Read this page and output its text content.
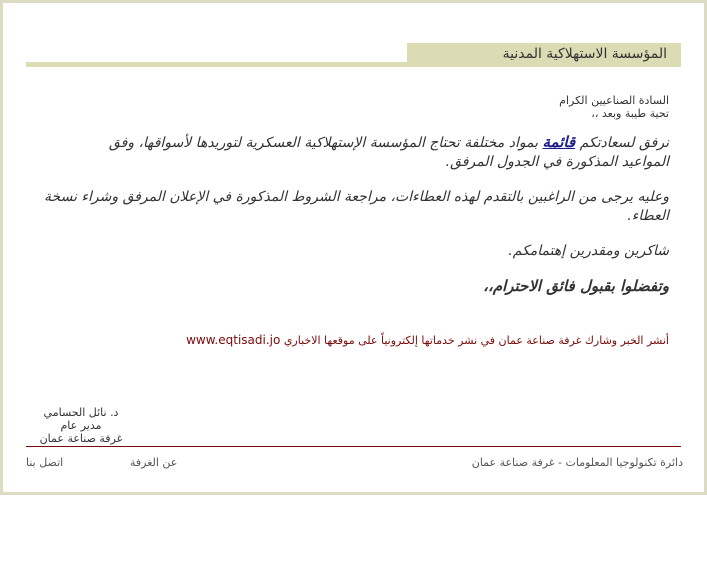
المؤسسة الاستهلاكية المدنية
السادة الصناعيين الكرام
تحية طيبة وبعد ،،
نرفق لسعادتكم قائمة بمواد مختلفة تحتاج المؤسسة الإستهلاكية العسكرية لتوريدها لأسواقها، وفق
المواعيد المذكورة في الجدول المرفق.
وعليه يرجى من الراغبين بالتقدم لهذه العطاءات، مراجعة الشروط المذكورة في الإعلان المرفق وشراء نسخة العطاء.
شاكرين ومقدرين إهتمامكم.
وتفضلوا بقبول فائق الاحترام،،
أنشر الخبر وشارك غرفة صناعة عمان في نشر خدماتها إلكترونياً على موقعها الاخباري www.eqtisadi.jo
د. نائل الحسامي
مدير عام
غرفة صناعة عمان
دائرة تكنولوجيا المعلومات - غرفة صناعة عمان
عن الغرفة
اتصل بنا
